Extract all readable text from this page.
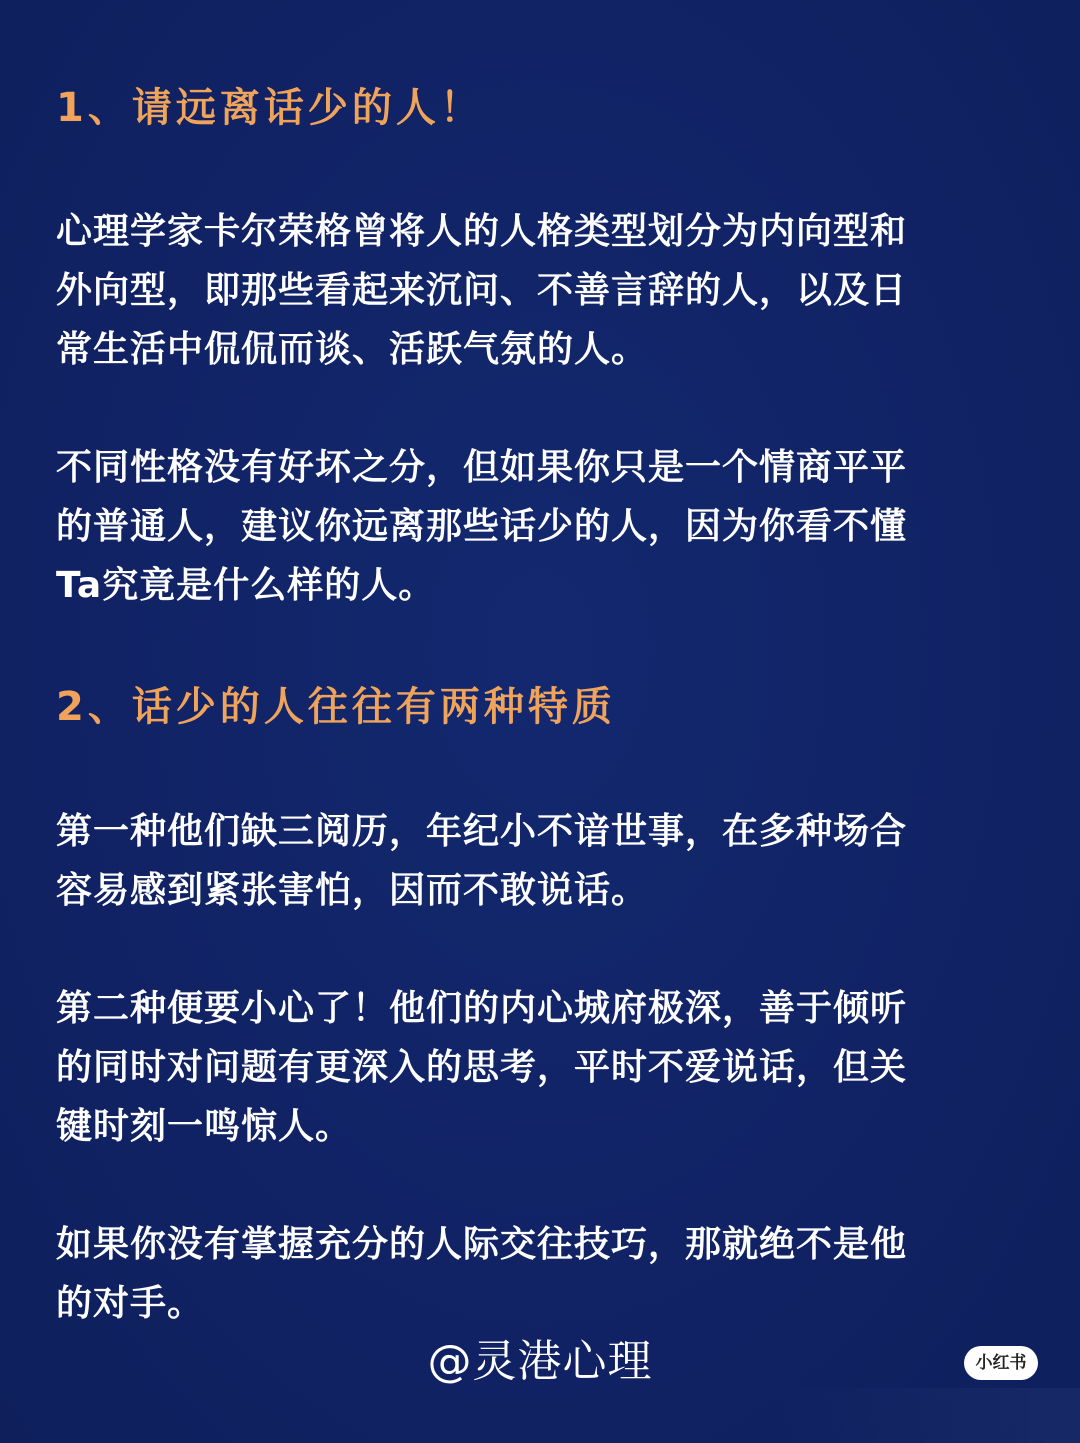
1、请远离话少的人！
心理学家卡尔荣格曾将人的人格类型划分为内向型和
外向型，即那些看起来沉问、不善言辞的人，以及日
常生活中侃侃而谈、活跃气氛的人。
不同性格没有好坏之分，但如果你只是一个情商平平
的普通人，建议你远离那些话少的人，因为你看不懂
Ta究竟是什么样的人。
2、话少的人往往有两种特质
第一种他们缺三阅历，年纪小不谙世事，在多种场合
容易感到紧张害怕，因而不敢说话。
第二种便要小心了！他们的内心城府极深，善于倾听
的同时对问题有更深入的思考，平时不爱说话，但关
键时刻一鸣惊人。
如果你没有掌握充分的人际交往技巧，那就绝不是他
的对手。
@灵港心理	小红书
